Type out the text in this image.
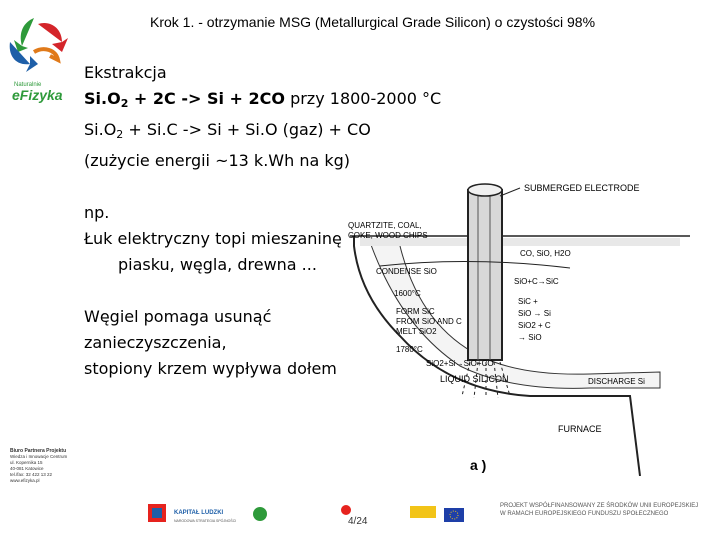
Naturalnie
eFizyka
Biuro Partnera Projektu
Wiedza i Innowacje Centrum
ul. Kopernika 15
40-081 Katowice
tel./fax: 32 422 13 22
www.efizyka.pl
Krok 1. - otrzymanie MSG (Metallurgical Grade Silicon) o czystości 98%
Ekstrakcja
$Si.O_2 + 2C -> Si + 2CO$ przy 1800-2000 °C
$Si.O_2 + Si.C -> Si + Si.O$ (gaz) + CO
(zużycie energii ~13 k.Wh na kg)
np.
Łuk elektryczny topi mieszaninę
piasku, węgla, drewna ...
Węgiel pomaga usunąć
zanieczyszczenia,
stopiony krzem wypływa dołem
SUBMERGED ELECTRODE
QUARTZITE, COAL,
COKE, WOOD CHIPS
CO, SiO, H2O
CONDENSE SiO
1600°C
SiO+C→SiC
FORM SiC
FROM SiO AND C
MELT SiO2
1780°C
SiO2+Si→SiO+CO
SiC +
SiO → Si
SiO2 + C
→ SiO
LIQUID SILICON	DISCHARGE Si
FURNACE
a )
KAPITAŁ LUDZKI
NARODOWA STRATEGIA SPÓJNOŚCI	4/24
PROJEKT WSPÓŁFINANSOWANY ZE ŚRODKÓW UNII EUROPEJSKIEJ
W RAMACH EUROPEJSKIEGO FUNDUSZU SPOŁECZNEGO
